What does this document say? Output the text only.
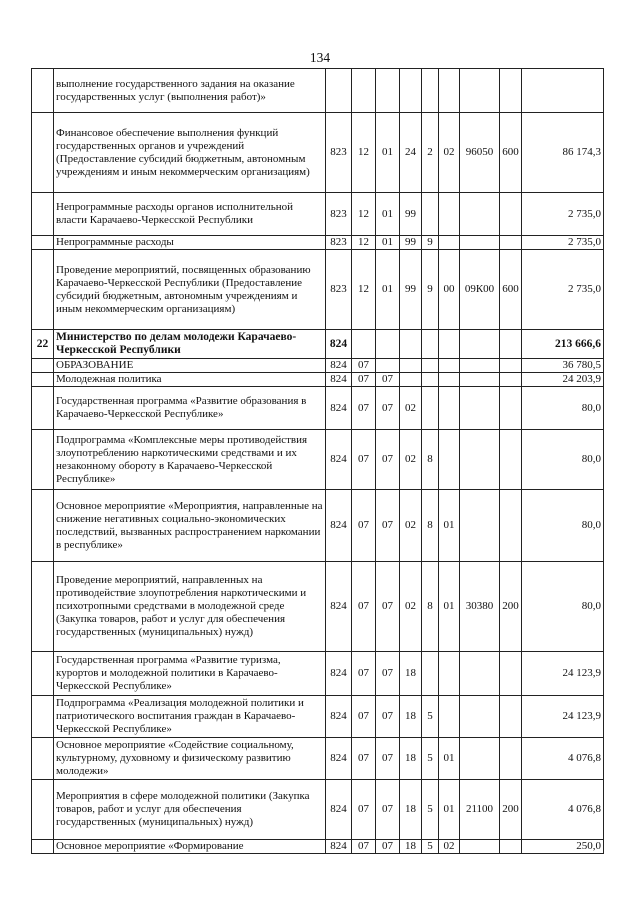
134
	выполнение государственного задания на оказание государственных услуг (выполнения работ)»									
	Финансовое обеспечение выполнения функций государственных органов и учреждений (Предоставление субсидий бюджетным, автономным учреждениям и иным некоммерческим организациям)	823	12	01	24	2	02	96050	600	86 174,3
	Непрограммные расходы органов исполнительной власти Карачаево-Черкесской Республики	823	12	01	99					2 735,0
	Непрограммные расходы	823	12	01	99	9				2 735,0
	Проведение мероприятий, посвященных образованию Карачаево-Черкесской Республики (Предоставление субсидий бюджетным, автономным учреждениям и иным некоммерческим организациям)	823	12	01	99	9	00	09К00	600	2 735,0
22	Министерство по делам молодежи Карачаево-Черкесской Республики	824								213 666,6
	ОБРАЗОВАНИЕ	824	07							36 780,5
	Молодежная политика	824	07	07						24 203,9
	Государственная программа «Развитие образования в Карачаево-Черкесской Республике»	824	07	07	02					80,0
	Подпрограмма «Комплексные меры противодействия злоупотреблению наркотическими средствами и их незаконному обороту в Карачаево-Черкесской Республике»	824	07	07	02	8				80,0
	Основное мероприятие «Мероприятия, направленные на снижение негативных социально-экономических последствий, вызванных распространением наркомании в республике»	824	07	07	02	8	01			80,0
	Проведение мероприятий, направленных на противодействие злоупотребления наркотическими и психотропными средствами в молодежной среде (Закупка товаров, работ и услуг для обеспечения государственных (муниципальных) нужд)	824	07	07	02	8	01	30380	200	80,0
	Государственная программа «Развитие туризма, курортов и молодежной политики в Карачаево-Черкесской Республике»	824	07	07	18					24 123,9
	Подпрограмма «Реализация молодежной политики и патриотического воспитания граждан в Карачаево-Черкесской Республике»	824	07	07	18	5				24 123,9
	Основное мероприятие «Содействие социальному, культурному, духовному и физическому развитию молодежи»	824	07	07	18	5	01			4 076,8
	Мероприятия в сфере молодежной политики (Закупка товаров, работ и услуг для обеспечения государственных (муниципальных) нужд)	824	07	07	18	5	01	21100	200	4 076,8
	Основное мероприятие «Формирование	824	07	07	18	5	02			250,0
